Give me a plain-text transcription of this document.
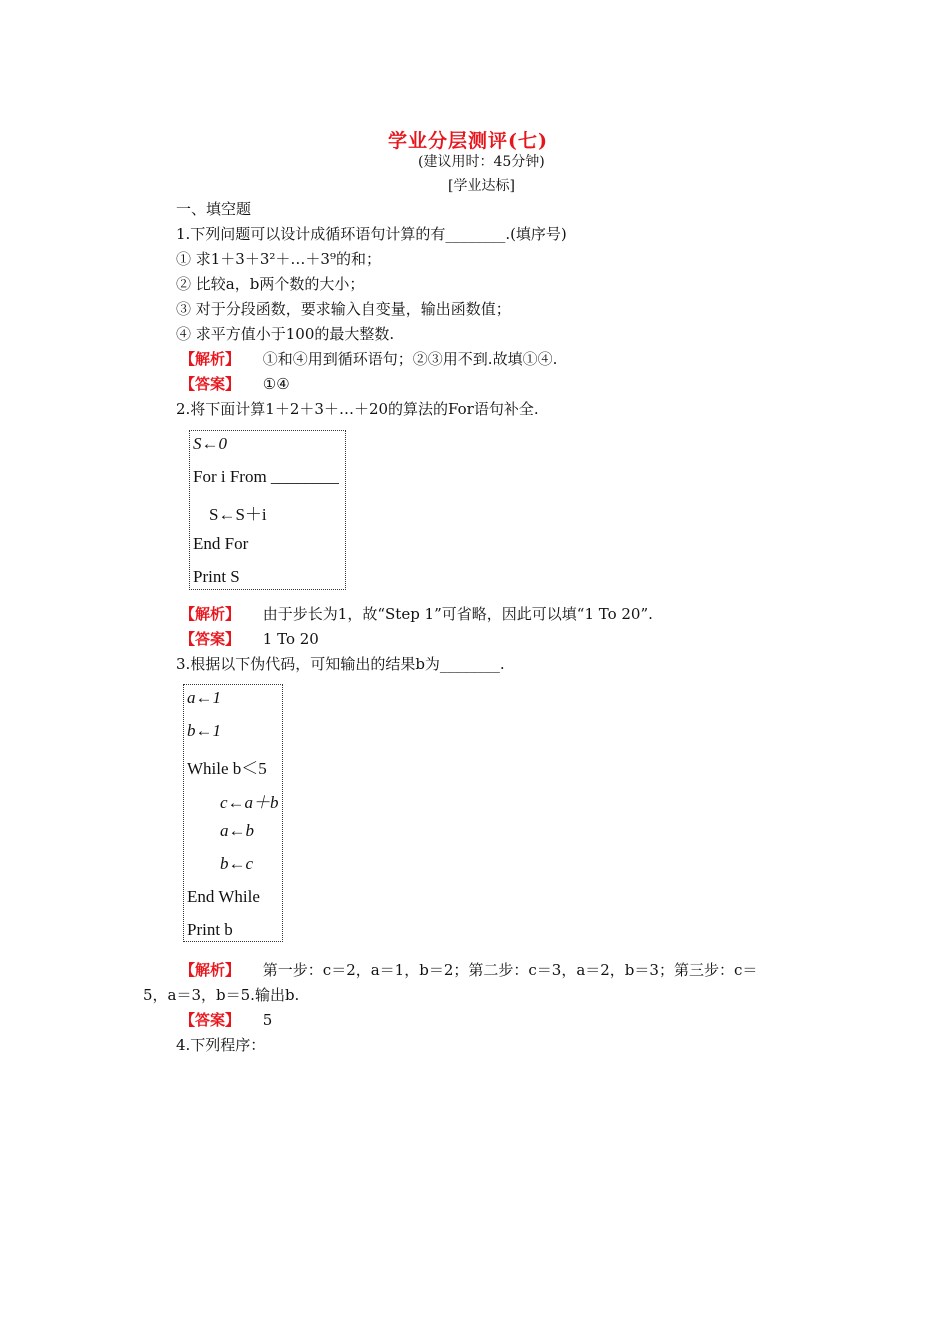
学业分层测评(七)
(建议用时：45分钟)
[学业达标]
一、填空题
1.下列问题可以设计成循环语句计算的有________.(填序号)
① 求1＋3＋3²＋…＋3⁹的和；
② 比较a，b两个数的大小；
③ 对于分段函数，要求输入自变量，输出函数值；
④ 求平方值小于100的最大整数.
【解析】 ①和④用到循环语句；②③用不到.故填①④.
【答案】 ①④
2.将下面计算1＋2＋3＋…＋20的算法的For语句补全.
S←0
For i From ________
S←S＋i
End For
Print S
【解析】 由于步长为1，故“Step 1”可省略，因此可以填“1 To 20”.
【答案】 1 To 20
3.根据以下伪代码，可知输出的结果b为________.
a←1
b←1
While b＜5
c←a＋b
a←b
b←c
End While
Print b
【解析】 第一步：c＝2，a＝1，b＝2；第二步：c＝3，a＝2，b＝3；第三步：c＝
5，a＝3，b＝5.输出b.
【答案】 5
4.下列程序：
